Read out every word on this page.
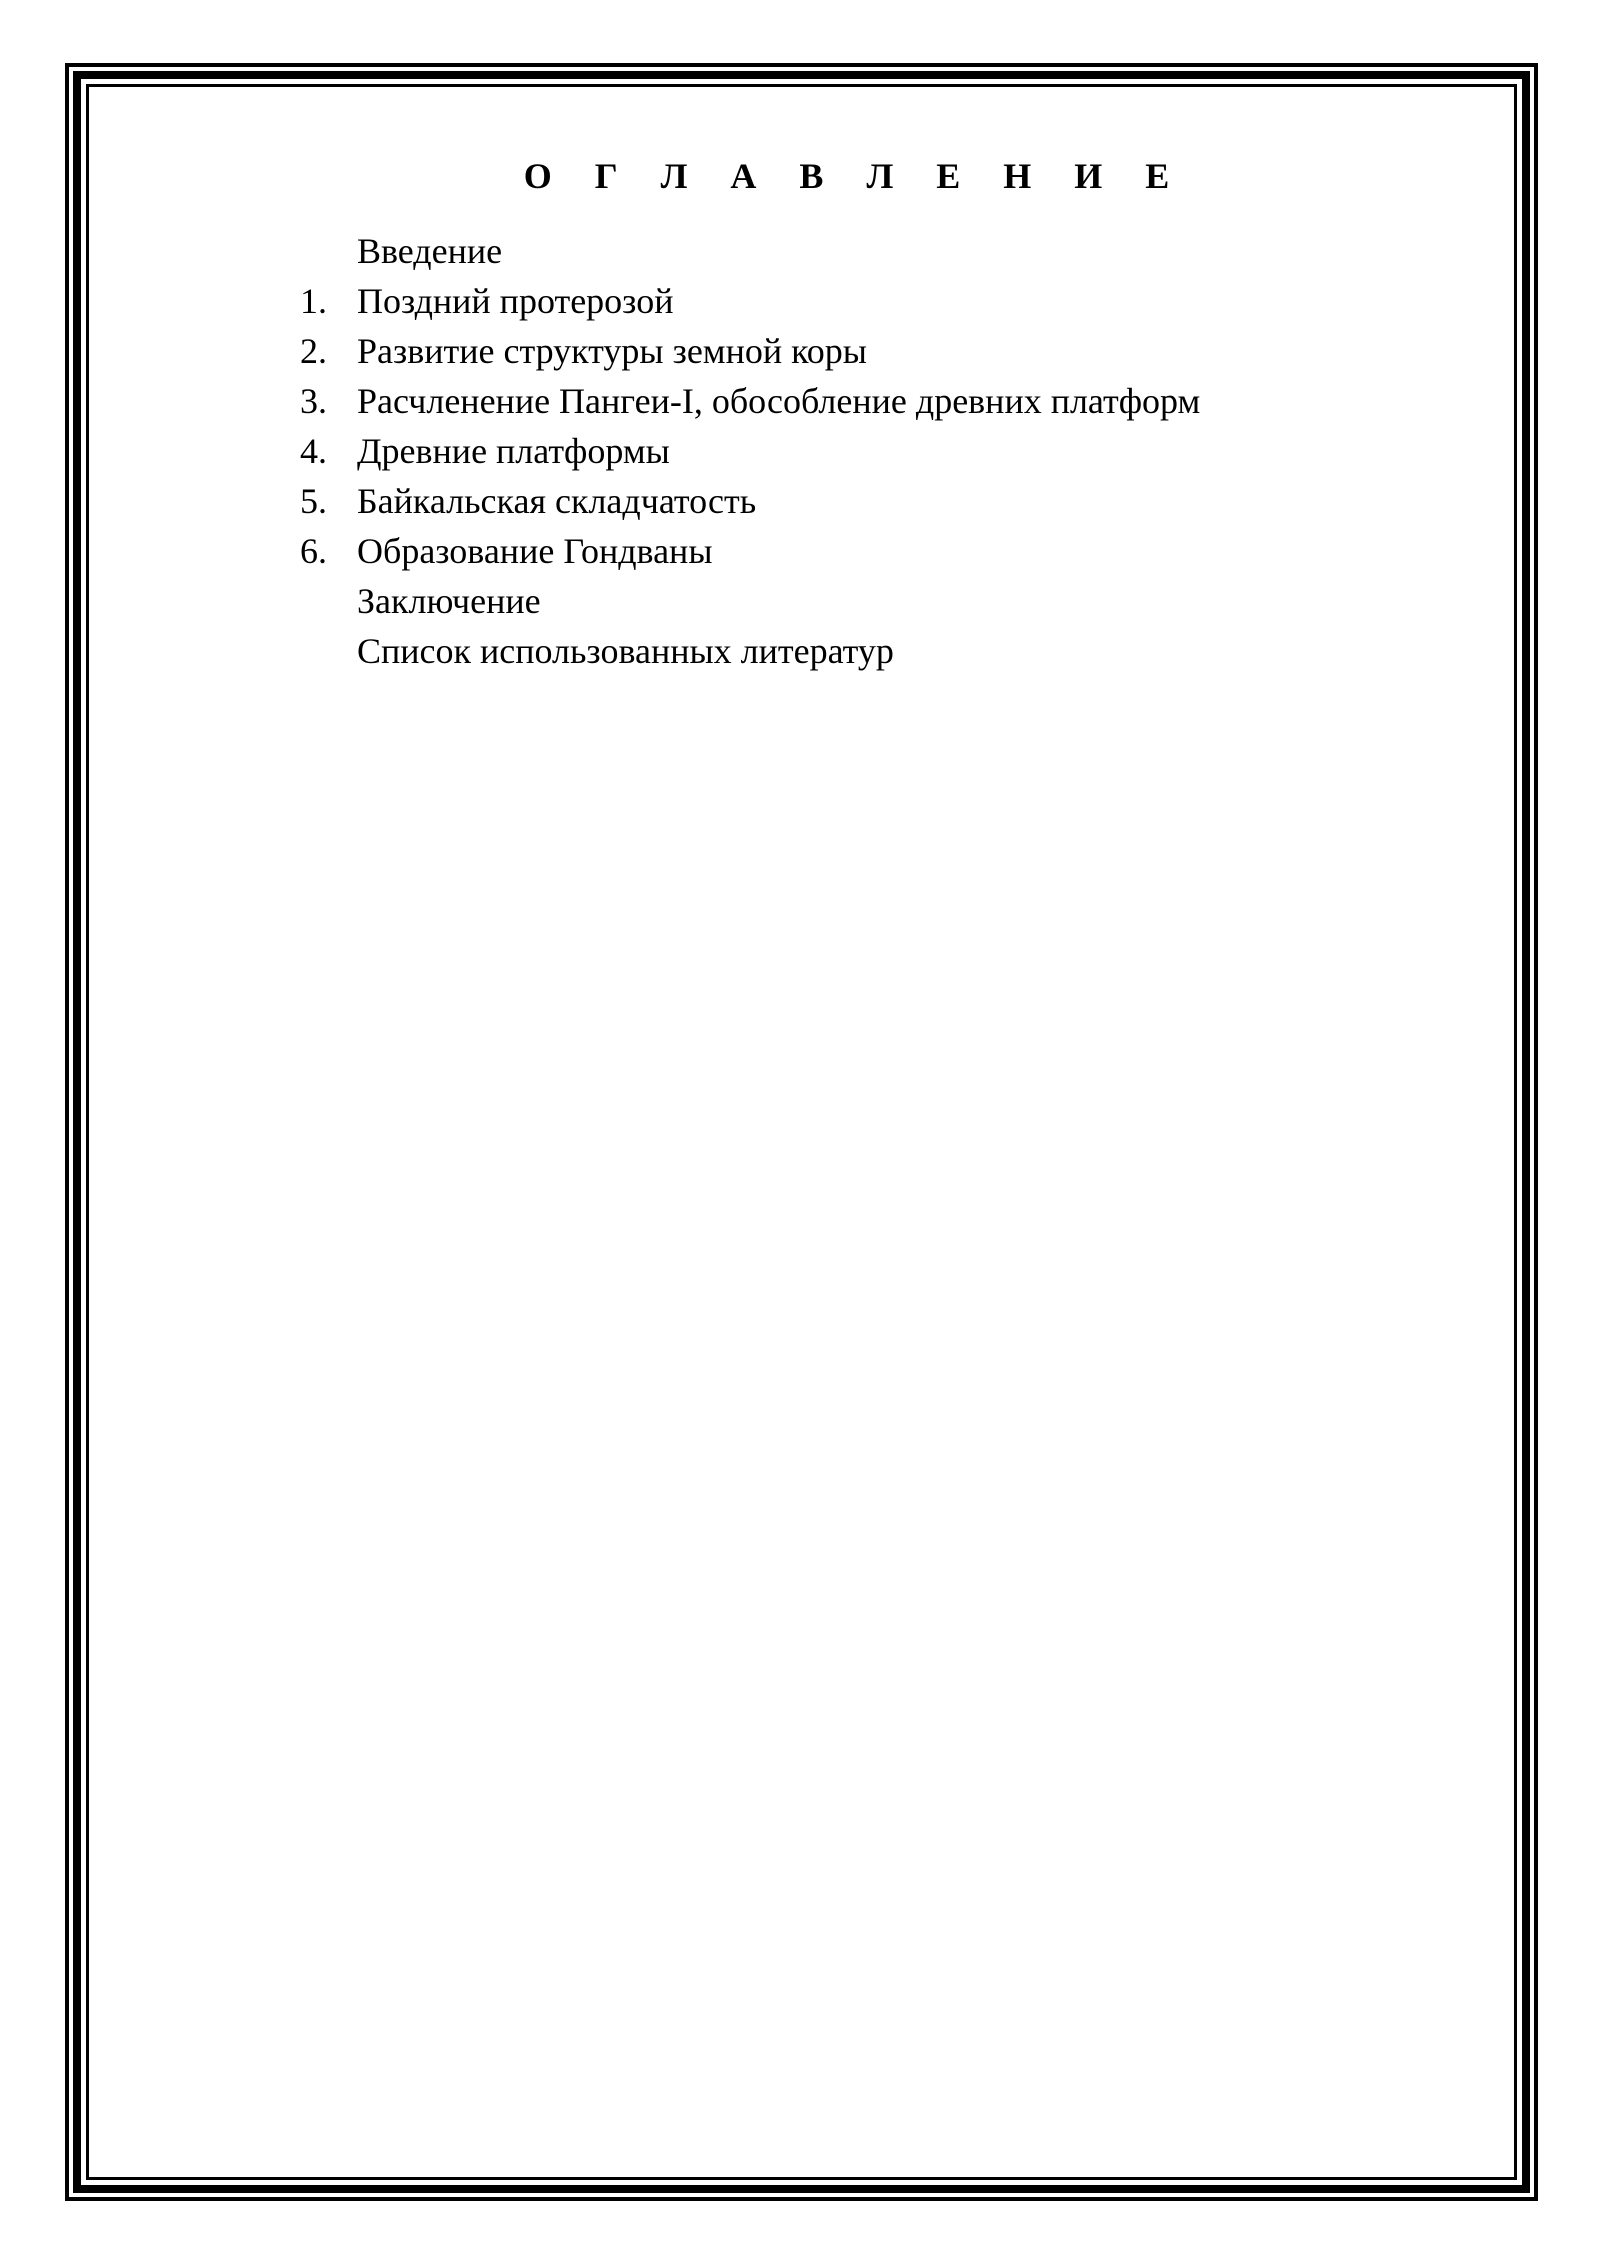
О Г Л А В Л Е Н И Е
Введение
1. Поздний протерозой
2. Развитие структуры земной коры
3. Расчленение Пангеи-I, обособление древних платформ
4. Древние платформы
5. Байкальская складчатость
6. Образование Гондваны
Заключение
Список использованных литератур
